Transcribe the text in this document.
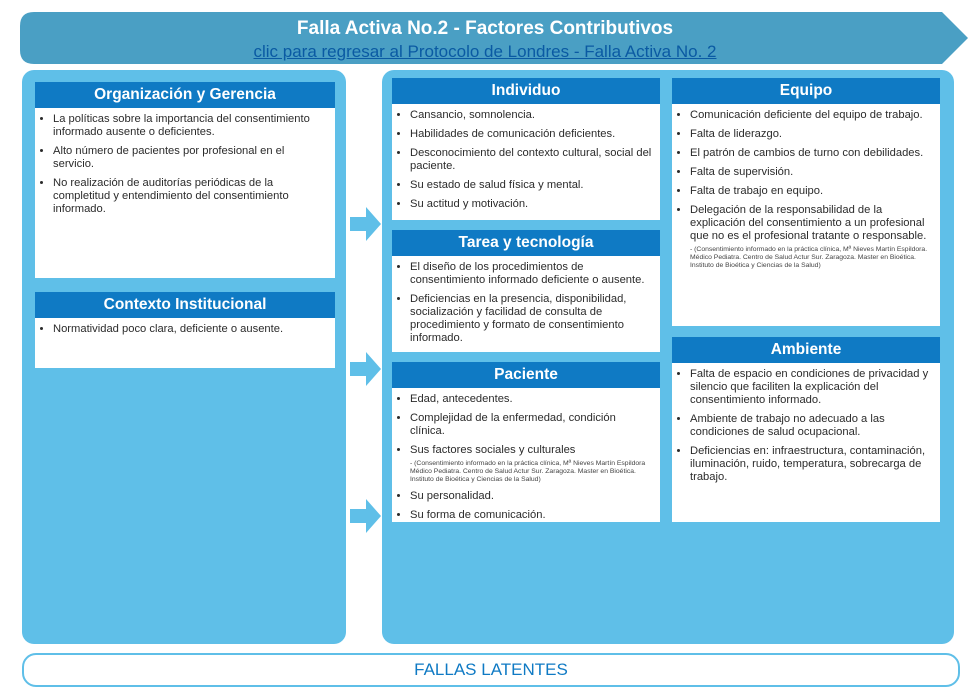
Falla Activa No.2 - Factores Contributivos
clic para regresar al Protocolo de Londres - Falla Activa No. 2
Organización y Gerencia
• La políticas sobre la importancia del consentimiento informado ausente o deficientes.
• Alto número de pacientes por profesional en el servicio.
• No realización de auditorías periódicas de la completitud y entendimiento del consentimiento informado.
Contexto Institucional
• Normatividad poco clara, deficiente o ausente.
Individuo
• Cansancio, somnolencia.
• Habilidades de comunicación deficientes.
• Desconocimiento del contexto cultural, social del paciente.
• Su estado de salud física y mental.
• Su actitud y motivación.
Tarea y tecnología
• El diseño de los procedimientos de consentimiento informado deficiente o ausente.
• Deficiencias en la presencia, disponibilidad, socialización y facilidad de consulta de procedimiento y formato de consentimiento informado.
Paciente
• Edad, antecedentes.
• Complejidad de la enfermedad, condición clínica.
• Sus factores sociales y culturales
- (Consentimiento informado en la práctica clínica, Mª Nieves Martín Espildora Médico Pediatra. Centro de Salud Actur Sur. Zaragoza. Master en Bioética. Instituto de Bioética y Ciencias de la Salud)
• Su personalidad.
• Su forma de comunicación.
Equipo
• Comunicación deficiente del equipo de trabajo.
• Falta de liderazgo.
• El patrón de cambios de turno con debilidades.
• Falta de supervisión.
• Falta de trabajo en equipo.
• Delegación de la responsabilidad de la explicación del consentimiento a un profesional que no es el profesional tratante o responsable.
- (Consentimiento informado en la práctica clínica, Mª Nieves Martín Espildora. Médico Pediatra. Centro de Salud Actur Sur. Zaragoza. Master en Bioética. Instituto de Bioética y Ciencias de la Salud)
Ambiente
• Falta de espacio en condiciones de privacidad y silencio que faciliten la explicación del consentimiento informado.
• Ambiente de trabajo no adecuado a las condiciones de salud ocupacional.
• Deficiencias en: infraestructura, contaminación, iluminación, ruido, temperatura, sobrecarga de trabajo.
FALLAS LATENTES
